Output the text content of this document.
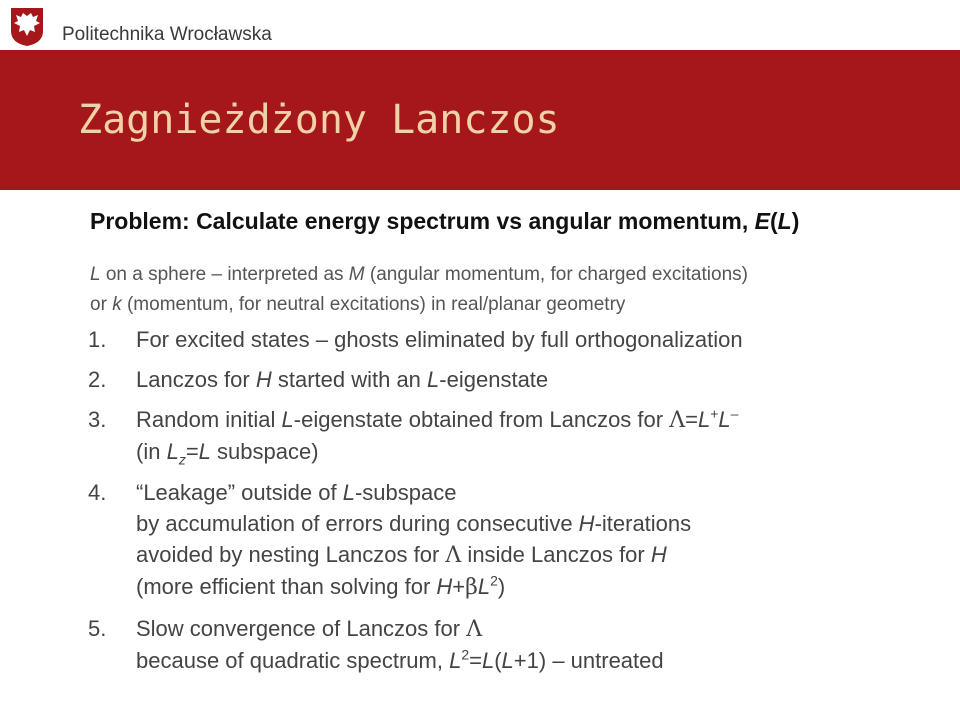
Politechnika Wrocławska
Zagnieżdżony Lanczos
Problem: Calculate energy spectrum vs angular momentum, E(L)
L on a sphere – interpreted as M (angular momentum, for charged excitations)
or k (momentum, for neutral excitations) in real/planar geometry
1. For excited states – ghosts eliminated by full orthogonalization
2. Lanczos for H started with an L-eigenstate
3. Random initial L-eigenstate obtained from Lanczos for Λ=L+L–
(in $L_z=L$ subspace)
4. “Leakage” outside of L-subspace
by accumulation of errors during consecutive H-iterations
avoided by nesting Lanczos for Λ inside Lanczos for H
(more efficient than solving for $H+\beta L^2$)
5. Slow convergence of Lanczos for Λ
because of quadratic spectrum, $L^2=L(L+1)$ – untreated
